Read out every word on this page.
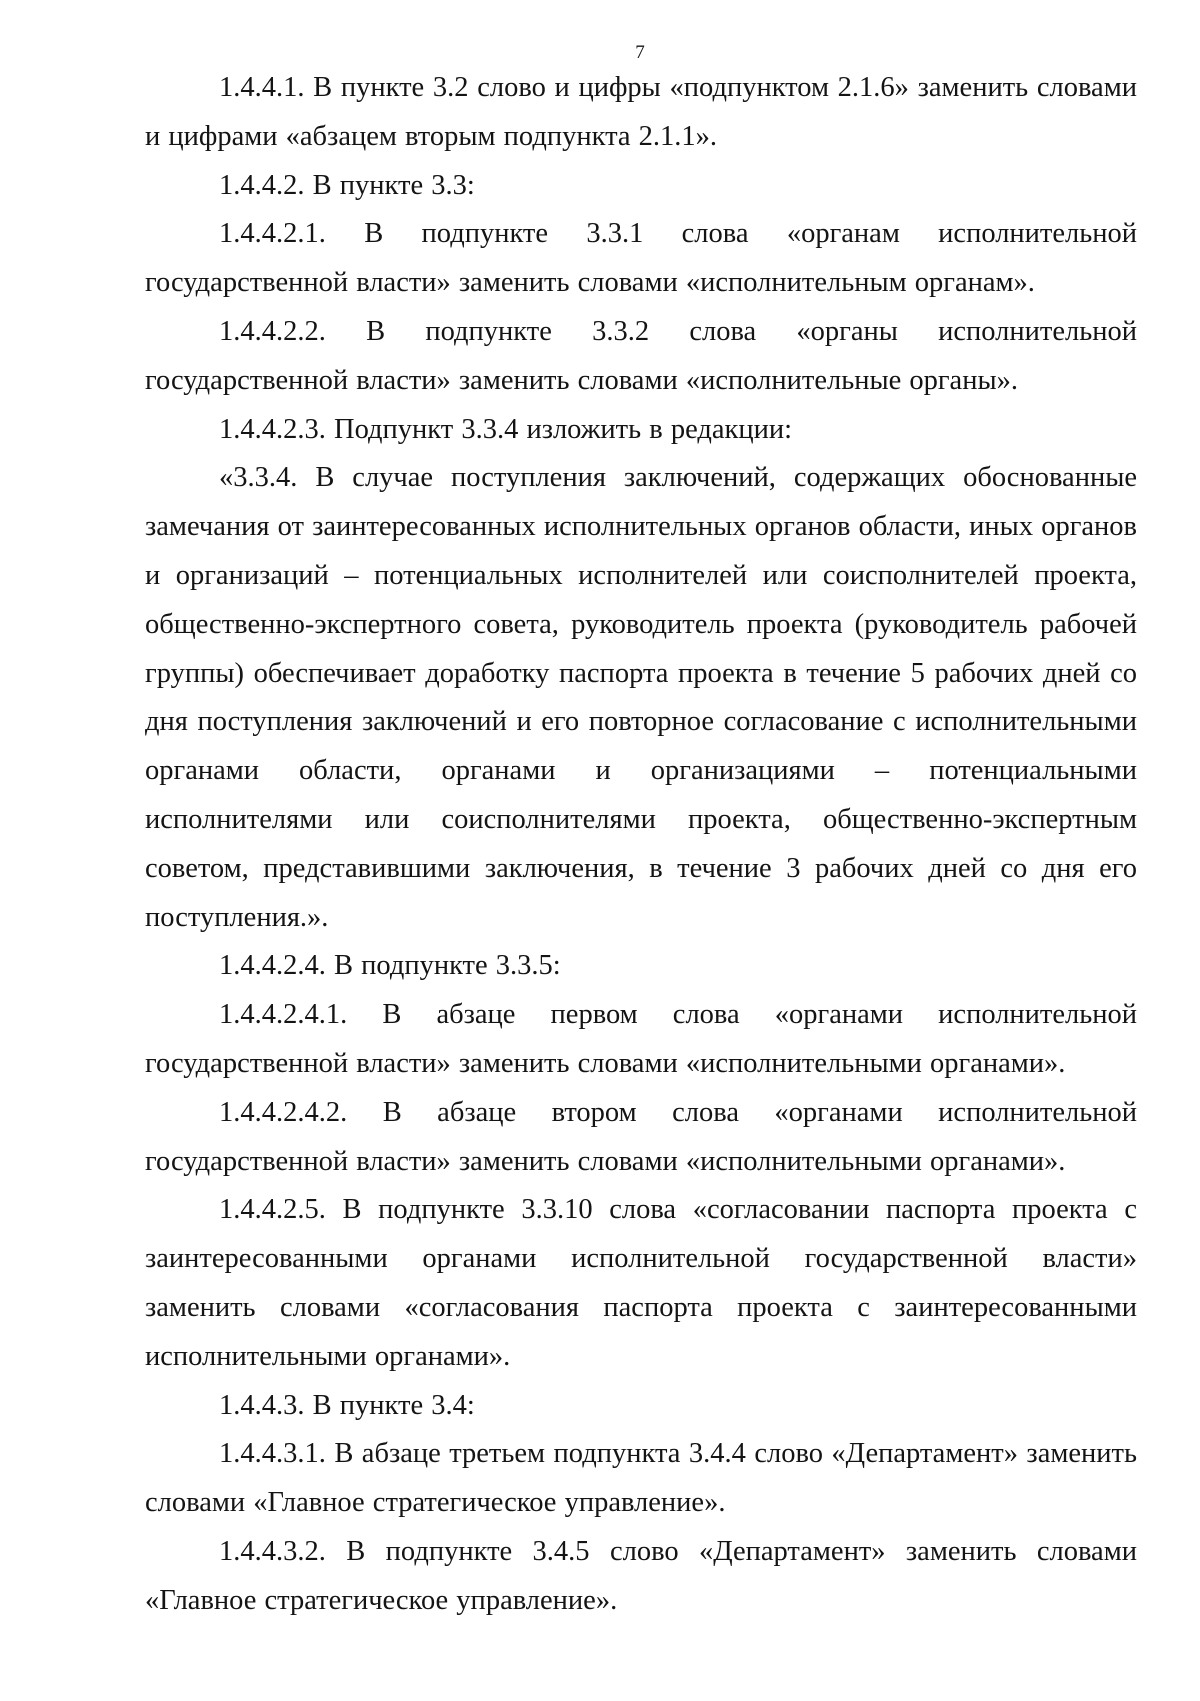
7

1.4.4.1. В пункте 3.2 слово и цифры «подпунктом 2.1.6» заменить словами и цифрами «абзацем вторым подпункта 2.1.1».

1.4.4.2. В пункте 3.3:

1.4.4.2.1. В подпункте 3.3.1 слова «органам исполнительной государственной власти» заменить словами «исполнительным органам».

1.4.4.2.2. В подпункте 3.3.2 слова «органы исполнительной государственной власти» заменить словами «исполнительные органы».

1.4.4.2.3. Подпункт 3.3.4 изложить в редакции:

«3.3.4. В случае поступления заключений, содержащих обоснованные замечания от заинтересованных исполнительных органов области, иных органов и организаций – потенциальных исполнителей или соисполнителей проекта, общественно-экспертного совета, руководитель проекта (руководитель рабочей группы) обеспечивает доработку паспорта проекта в течение 5 рабочих дней со дня поступления заключений и его повторное согласование с исполнительными органами области, органами и организациями – потенциальными исполнителями или соисполнителями проекта, общественно-экспертным советом, представившими заключения, в течение 3 рабочих дней со дня его поступления.».

1.4.4.2.4. В подпункте 3.3.5:

1.4.4.2.4.1. В абзаце первом слова «органами исполнительной государственной власти» заменить словами «исполнительными органами».

1.4.4.2.4.2. В абзаце втором слова «органами исполнительной государственной власти» заменить словами «исполнительными органами».

1.4.4.2.5. В подпункте 3.3.10 слова «согласовании паспорта проекта с заинтересованными органами исполнительной государственной власти» заменить словами «согласования паспорта проекта с заинтересованными исполнительными органами».

1.4.4.3. В пункте 3.4:

1.4.4.3.1. В абзаце третьем подпункта 3.4.4 слово «Департамент» заменить словами «Главное стратегическое управление».

1.4.4.3.2. В подпункте 3.4.5 слово «Департамент» заменить словами «Главное стратегическое управление».
